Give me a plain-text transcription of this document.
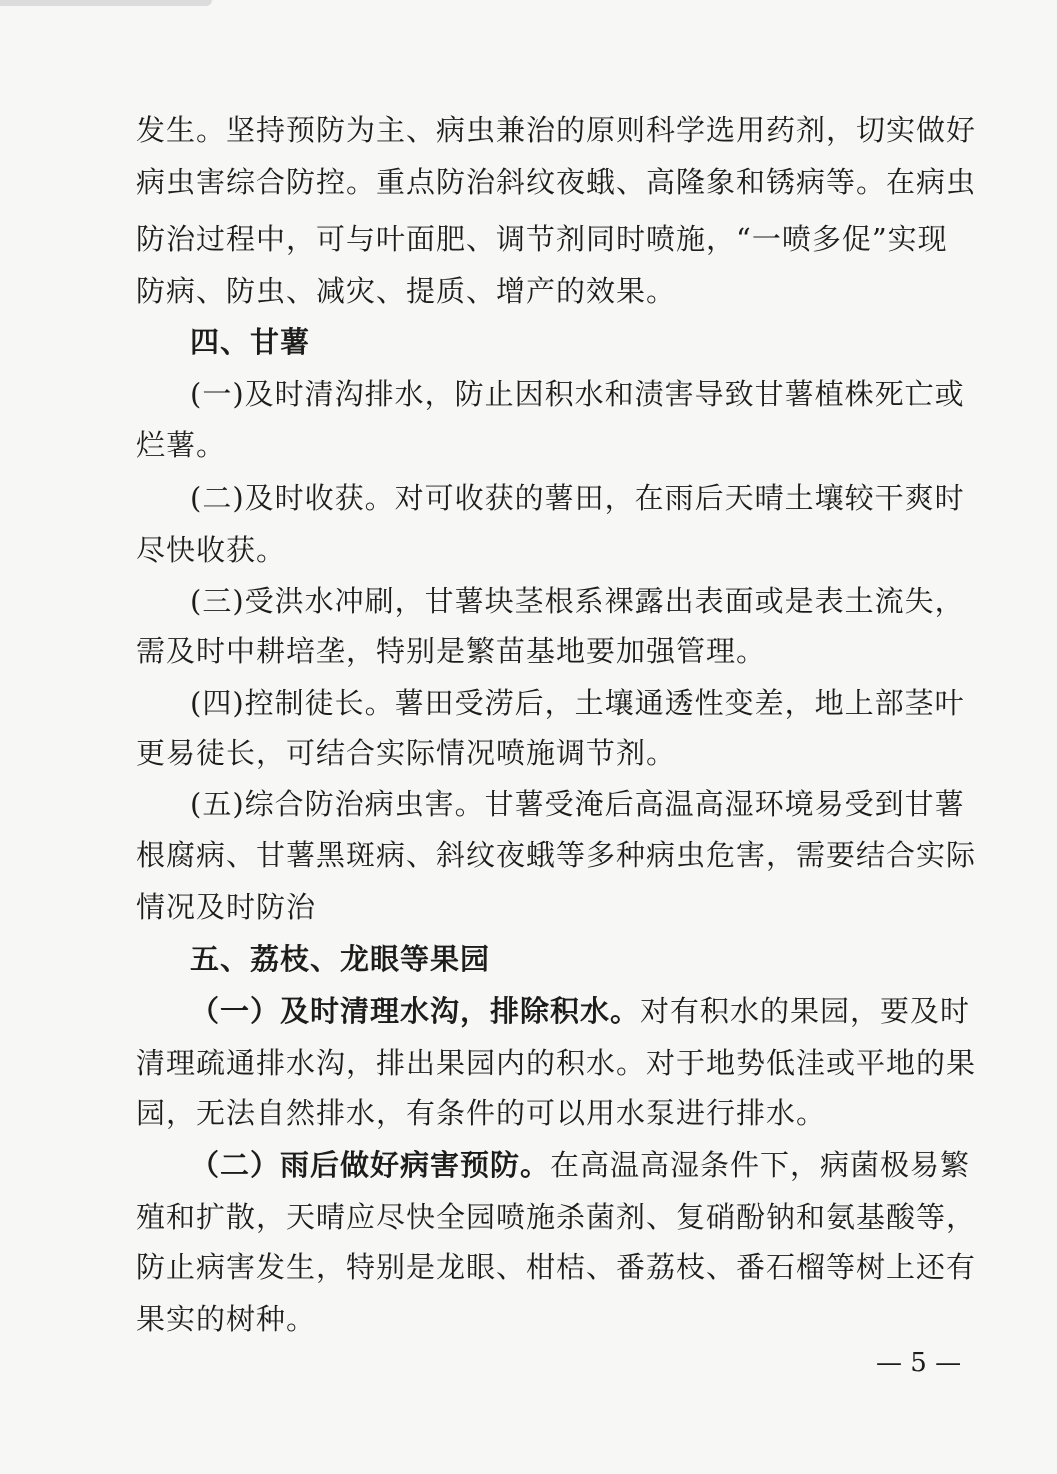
发生。坚持预防为主、病虫兼治的原则科学选用药剂，切实做好
病虫害综合防控。重点防治斜纹夜蛾、高隆象和锈病等。在病虫
防治过程中，可与叶面肥、调节剂同时喷施，“一喷多促”实现
防病、防虫、减灾、提质、增产的效果。
四、甘薯
(一)及时清沟排水，防止因积水和渍害导致甘薯植株死亡或
烂薯。
(二)及时收获。对可收获的薯田，在雨后天晴土壤较干爽时
尽快收获。
(三)受洪水冲刷，甘薯块茎根系裸露出表面或是表土流失，
需及时中耕培垄，特别是繁苗基地要加强管理。
(四)控制徒长。薯田受涝后，土壤通透性变差，地上部茎叶
更易徒长，可结合实际情况喷施调节剂。
(五)综合防治病虫害。甘薯受淹后高温高湿环境易受到甘薯
根腐病、甘薯黑斑病、斜纹夜蛾等多种病虫危害，需要结合实际
情况及时防治
五、荔枝、龙眼等果园
（一）及时清理水沟，排除积水。对有积水的果园，要及时
清理疏通排水沟，排出果园内的积水。对于地势低洼或平地的果
园，无法自然排水，有条件的可以用水泵进行排水。
（二）雨后做好病害预防。在高温高湿条件下，病菌极易繁
殖和扩散，天晴应尽快全园喷施杀菌剂、复硝酚钠和氨基酸等，
防止病害发生，特别是龙眼、柑桔、番荔枝、番石榴等树上还有
果实的树种。
— 5 —
